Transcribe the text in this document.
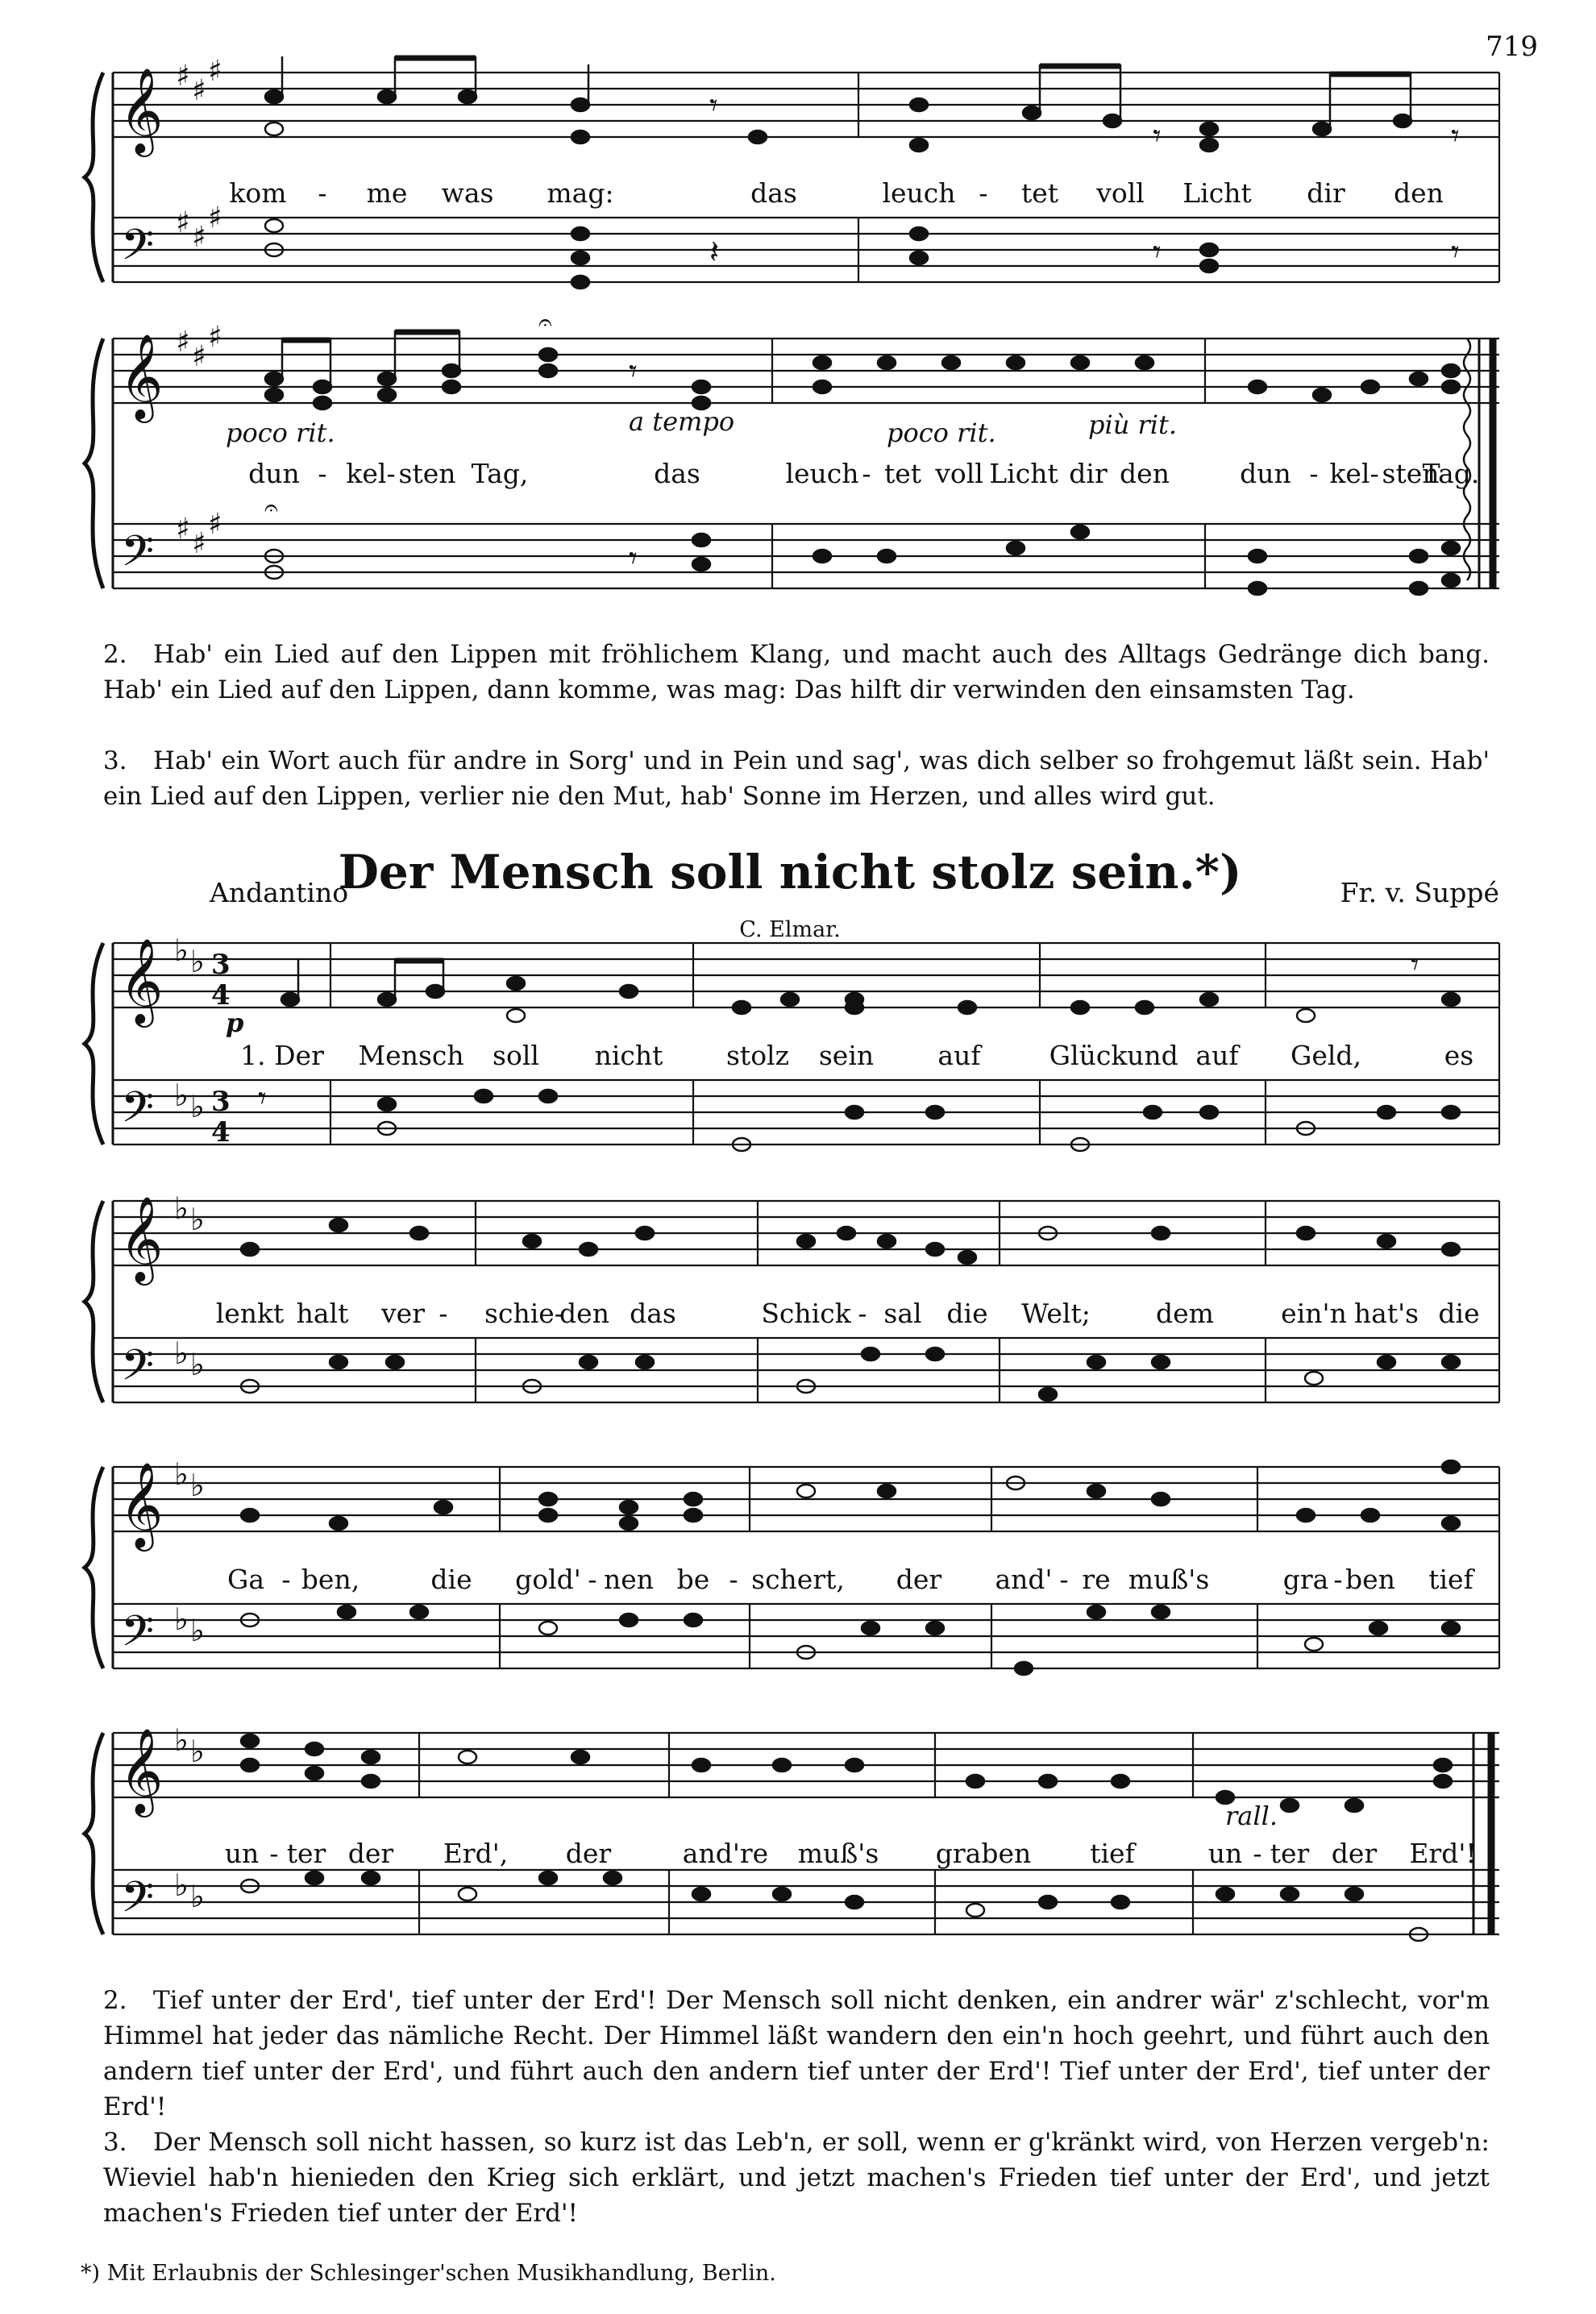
719
𝄞
𝄢
♯ ♯
♯
♯ ♯
♯
𝄾
𝄾	𝄾
𝄽	𝄾	𝄾
kom - me was mag:	das	leuch - tet voll Licht dir den
𝄞
𝄢
♯ ♯
♯
♯ ♯
♯
𝄾
𝄾
𝄐
𝄐
poco rit.	a tempo	poco rit.	più rit.
dun - kel- sten Tag,	das	leuch - tet voll Licht dir den	dun - kel- sten
Tag.
2. Hab' ein Lied auf den Lippen mit fröhlichem Klang, und macht auch des Alltags Gedränge dich bang. Hab' ein Lied auf den Lippen, dann komme, was mag: Das hilft dir verwinden den einsamsten Tag.
3. Hab' ein Wort auch für andre in Sorg' und in Pein und sag', was dich selber so frohgemut läßt sein. Hab' ein Lied auf den Lippen, verlier nie den Mut, hab' Sonne im Herzen, und alles wird gut.
Andantino
Der Mensch soll nicht stolz sein.*)	Fr. v. Suppé
C. Elmar.
𝄞
𝄢
♭ ♭
♭ ♭
3
4
3
4
𝄾
𝄾
p
1. Der Mensch soll nicht stolz sein auf	Glück und auf Geld,	es
𝄞
𝄢
♭ ♭
♭ ♭
lenkt halt ver - schie-
den das	Schick - sal die Welt; dem	ein'n hat's die
𝄞
𝄢
♭ ♭
♭ ♭
Ga - ben,	die gold' - nen be - schert, der and' - re muß's	gra - ben tief
𝄞
𝄢
♭ ♭
♭ ♭
rall.
un - ter der Erd', der	and're muß's graben tief	un - ter der Erd'!
2. Tief unter der Erd', tief unter der Erd'! Der Mensch soll nicht denken, ein andrer wär' z'schlecht, vor'm Himmel hat jeder das nämliche Recht. Der Himmel läßt wandern den ein'n hoch geehrt, und führt auch den andern tief unter der Erd', und führt auch den andern tief unter der Erd'! Tief unter der Erd', tief unter der Erd'!
3. Der Mensch soll nicht hassen, so kurz ist das Leb'n, er soll, wenn er g'kränkt wird, von Herzen vergeb'n: Wieviel hab'n hienieden den Krieg sich erklärt, und jetzt machen's Frieden tief unter der Erd', und jetzt machen's Frieden tief unter der Erd'!
*) Mit Erlaubnis der Schlesinger'schen Musikhandlung, Berlin.
